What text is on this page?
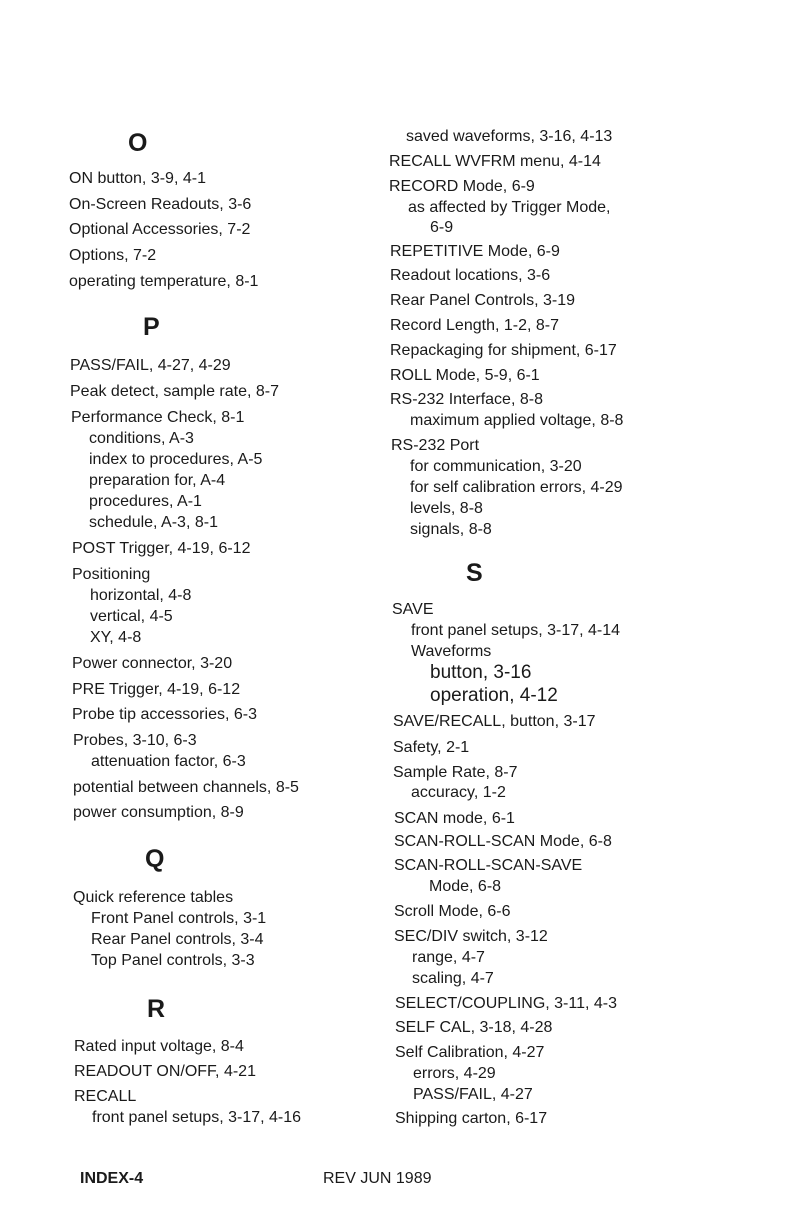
O
ON button, 3-9, 4-1
On-Screen Readouts, 3-6
Optional Accessories, 7-2
Options, 7-2
operating temperature, 8-1
P
PASS/FAIL, 4-27, 4-29
Peak detect, sample rate, 8-7
Performance Check, 8-1
conditions, A-3
index to procedures, A-5
preparation for, A-4
procedures, A-1
schedule, A-3, 8-1
POST Trigger, 4-19, 6-12
Positioning
horizontal, 4-8
vertical, 4-5
XY, 4-8
Power connector, 3-20
PRE Trigger, 4-19, 6-12
Probe tip accessories, 6-3
Probes, 3-10, 6-3
attenuation factor, 6-3
potential between channels, 8-5
power consumption, 8-9
Q
Quick reference tables
Front Panel controls, 3-1
Rear Panel controls, 3-4
Top Panel controls, 3-3
R
Rated input voltage, 8-4
READOUT ON/OFF, 4-21
RECALL
front panel setups, 3-17, 4-16
saved waveforms, 3-16, 4-13
RECALL WVFRM menu, 4-14
RECORD Mode, 6-9
as affected by Trigger Mode,
6-9
REPETITIVE Mode, 6-9
Readout locations, 3-6
Rear Panel Controls, 3-19
Record Length, 1-2, 8-7
Repackaging for shipment, 6-17
ROLL Mode, 5-9, 6-1
RS-232 Interface, 8-8
maximum applied voltage, 8-8
RS-232 Port
for communication, 3-20
for self calibration errors, 4-29
levels, 8-8
signals, 8-8
S
SAVE
front panel setups, 3-17, 4-14
Waveforms
button, 3-16
operation, 4-12
SAVE/RECALL, button, 3-17
Safety, 2-1
Sample Rate, 8-7
accuracy, 1-2
SCAN mode, 6-1
SCAN-ROLL-SCAN Mode, 6-8
SCAN-ROLL-SCAN-SAVE
Mode, 6-8
Scroll Mode, 6-6
SEC/DIV switch, 3-12
range, 4-7
scaling, 4-7
SELECT/COUPLING, 3-11, 4-3
SELF CAL, 3-18, 4-28
Self Calibration, 4-27
errors, 4-29
PASS/FAIL, 4-27
Shipping carton, 6-17
INDEX-4	REV JUN 1989
